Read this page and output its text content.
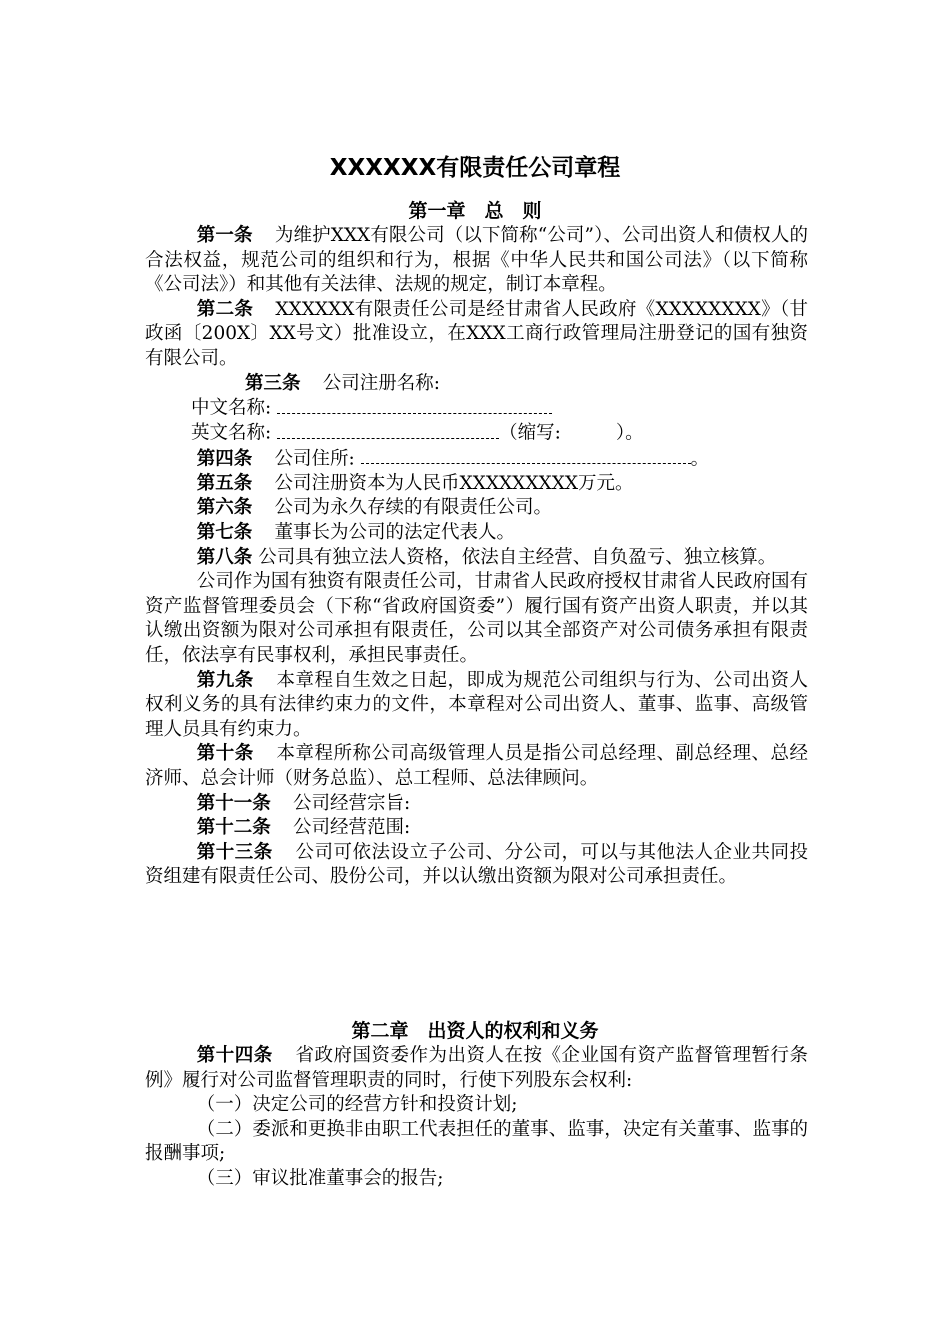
XXXXXX有限责任公司章程
第一章　总　则

第一条 为维护XXX有限公司（以下简称“公司”）、公司出资人和债权人的合法权益，规范公司的组织和行为，根据《中华人民共和国公司法》（以下简称《公司法》）和其他有关法律、法规的规定，制订本章程。

第二条 XXXXXX有限责任公司是经甘肃省人民政府《XXXXXXXX》（甘政函〔200X〕XX号文）批准设立，在XXX工商行政管理局注册登记的国有独资有限公司。

第三条 公司注册名称:

中文名称:

英文名称:	（缩写:	）。

第四条 公司住所:	。

第五条 公司注册资本为人民币XXXXXXXXX万元。

第六条 公司为永久存续的有限责任公司。

第七条 董事长为公司的法定代表人。

第八条 公司具有独立法人资格，依法自主经营、自负盈亏、独立核算。

公司作为国有独资有限责任公司，甘肃省人民政府授权甘肃省人民政府国有资产监督管理委员会（下称“省政府国资委”）履行国有资产出资人职责，并以其认缴出资额为限对公司承担有限责任，公司以其全部资产对公司债务承担有限责任，依法享有民事权利，承担民事责任。

第九条 本章程自生效之日起，即成为规范公司组织与行为、公司出资人权利义务的具有法律约束力的文件，本章程对公司出资人、董事、监事、高级管理人员具有约束力。

第十条 本章程所称公司高级管理人员是指公司总经理、副总经理、总经济师、总会计师（财务总监）、总工程师、总法律顾问。

第十一条 公司经营宗旨:

第十二条 公司经营范围:

第十三条 公司可依法设立子公司、分公司，可以与其他法人企业共同投资组建有限责任公司、股份公司，并以认缴出资额为限对公司承担责任。

第二章　出资人的权利和义务

第十四条 省政府国资委作为出资人在按《企业国有资产监督管理暂行条例》履行对公司监督管理职责的同时，行使下列股东会权利:

（一）决定公司的经营方针和投资计划;

（二）委派和更换非由职工代表担任的董事、监事，决定有关董事、监事的报酬事项;

（三）审议批准董事会的报告;
